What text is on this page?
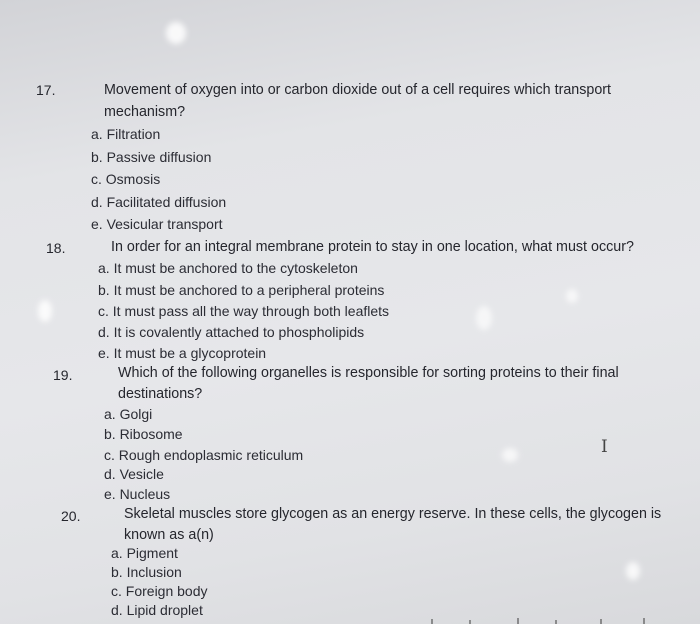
17.	Movement of oxygen into or carbon dioxide out of a cell requires which transport
mechanism?
a. Filtration
b. Passive diffusion
c. Osmosis
d. Facilitated diffusion
e. Vesicular transport
18.	In order for an integral membrane protein to stay in one location, what must occur?
a. It must be anchored to the cytoskeleton
b. It must be anchored to a peripheral proteins
c. It must pass all the way through both leaflets
d. It is covalently attached to phospholipids
e. It must be a glycoprotein
19.	Which of the following organelles is responsible for sorting proteins to their final
destinations?
a. Golgi
b. Ribosome
c. Rough endoplasmic reticulum
d. Vesicle
e. Nucleus
20.	Skeletal muscles store glycogen as an energy reserve. In these cells, the glycogen is
known as a(n)
a. Pigment
b. Inclusion
c. Foreign body
d. Lipid droplet
I
